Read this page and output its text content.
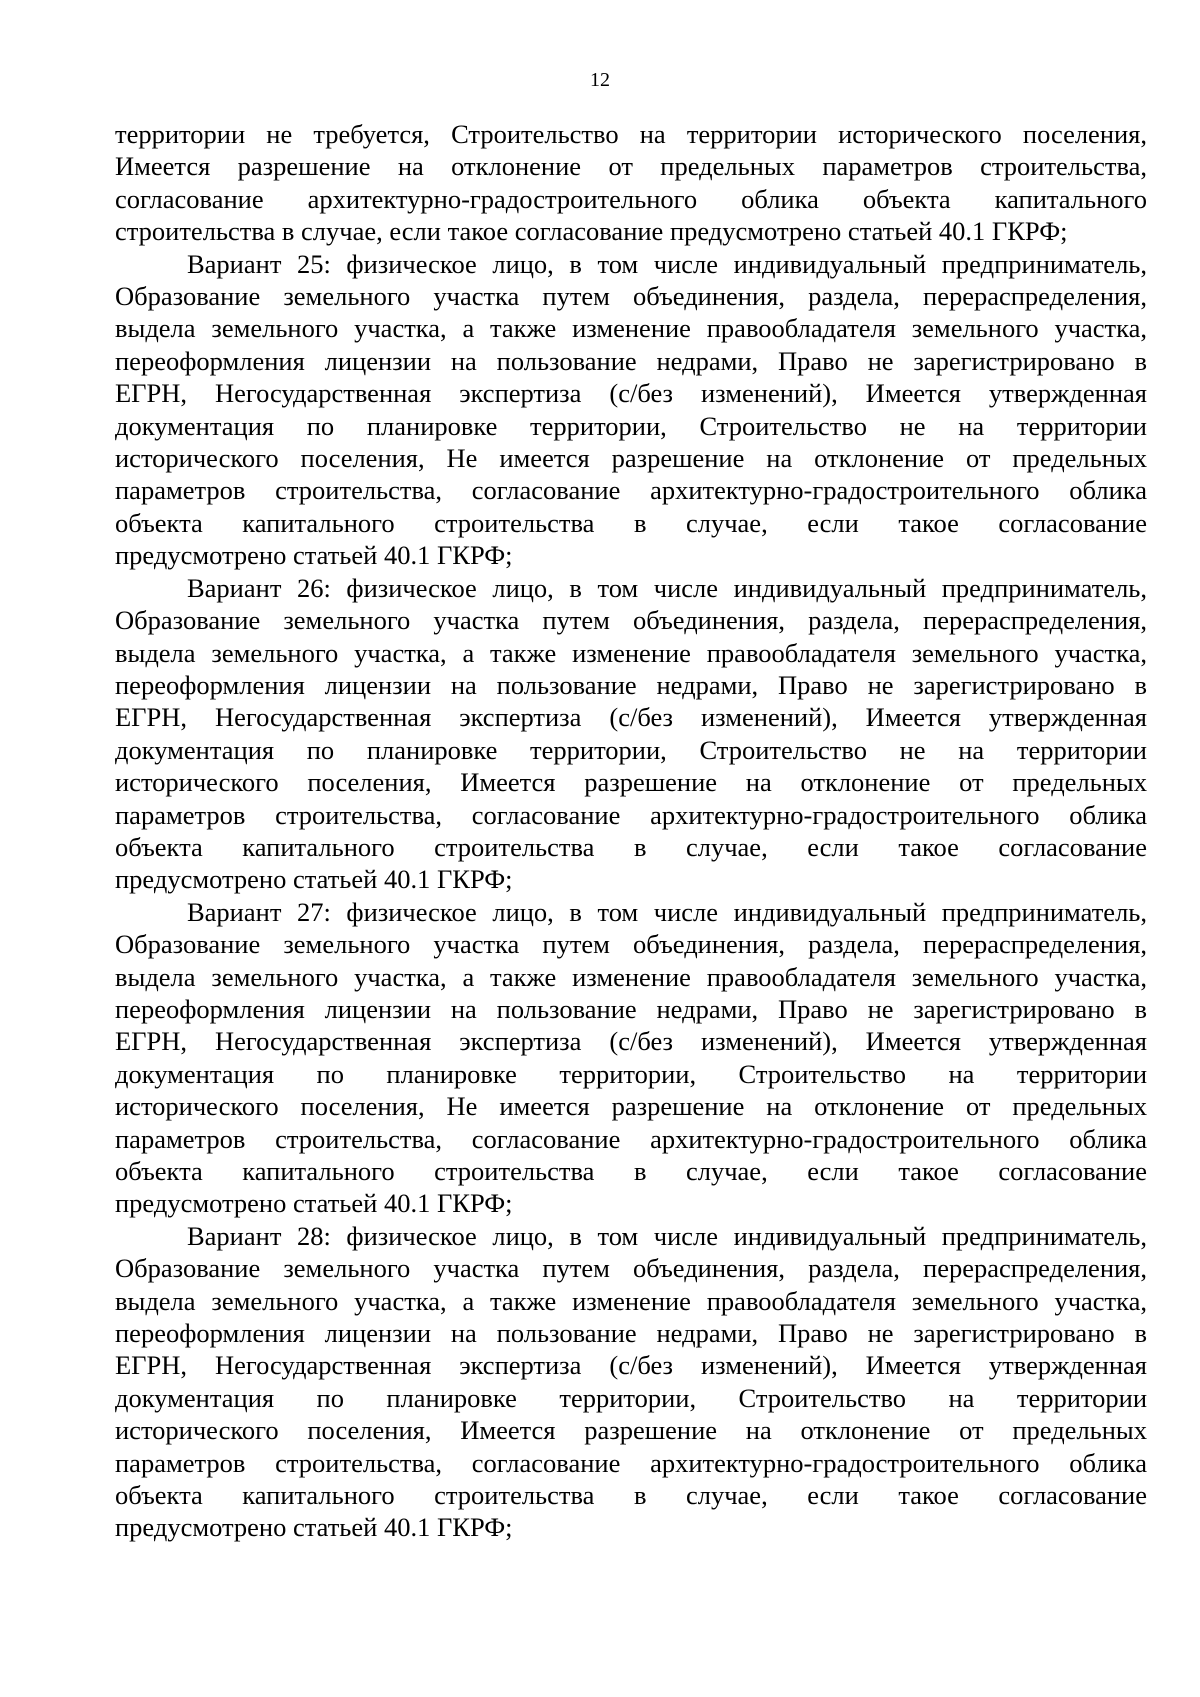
12
территории не требуется, Строительство на территории исторического поселения,
Имеется разрешение на отклонение от предельных параметров строительства,
согласование архитектурно-градостроительного облика объекта капитального
строительства в случае, если такое согласование предусмотрено статьей 40.1 ГКРФ;
Вариант 25: физическое лицо, в том числе индивидуальный предприниматель,
Образование земельного участка путем объединения, раздела, перераспределения,
выдела земельного участка, а также изменение правообладателя земельного участка,
переоформления лицензии на пользование недрами, Право не зарегистрировано в
ЕГРН, Негосударственная экспертиза (с/без изменений), Имеется утвержденная
документация по планировке территории, Строительство не на территории
исторического поселения, Не имеется разрешение на отклонение от предельных
параметров строительства, согласование архитектурно-градостроительного облика
объекта капитального строительства в случае, если такое согласование
предусмотрено статьей 40.1 ГКРФ;
Вариант 26: физическое лицо, в том числе индивидуальный предприниматель,
Образование земельного участка путем объединения, раздела, перераспределения,
выдела земельного участка, а также изменение правообладателя земельного участка,
переоформления лицензии на пользование недрами, Право не зарегистрировано в
ЕГРН, Негосударственная экспертиза (с/без изменений), Имеется утвержденная
документация по планировке территории, Строительство не на территории
исторического поселения, Имеется разрешение на отклонение от предельных
параметров строительства, согласование архитектурно-градостроительного облика
объекта капитального строительства в случае, если такое согласование
предусмотрено статьей 40.1 ГКРФ;
Вариант 27: физическое лицо, в том числе индивидуальный предприниматель,
Образование земельного участка путем объединения, раздела, перераспределения,
выдела земельного участка, а также изменение правообладателя земельного участка,
переоформления лицензии на пользование недрами, Право не зарегистрировано в
ЕГРН, Негосударственная экспертиза (с/без изменений), Имеется утвержденная
документация по планировке территории, Строительство на территории
исторического поселения, Не имеется разрешение на отклонение от предельных
параметров строительства, согласование архитектурно-градостроительного облика
объекта капитального строительства в случае, если такое согласование
предусмотрено статьей 40.1 ГКРФ;
Вариант 28: физическое лицо, в том числе индивидуальный предприниматель,
Образование земельного участка путем объединения, раздела, перераспределения,
выдела земельного участка, а также изменение правообладателя земельного участка,
переоформления лицензии на пользование недрами, Право не зарегистрировано в
ЕГРН, Негосударственная экспертиза (с/без изменений), Имеется утвержденная
документация по планировке территории, Строительство на территории
исторического поселения, Имеется разрешение на отклонение от предельных
параметров строительства, согласование архитектурно-градостроительного облика
объекта капитального строительства в случае, если такое согласование
предусмотрено статьей 40.1 ГКРФ;
